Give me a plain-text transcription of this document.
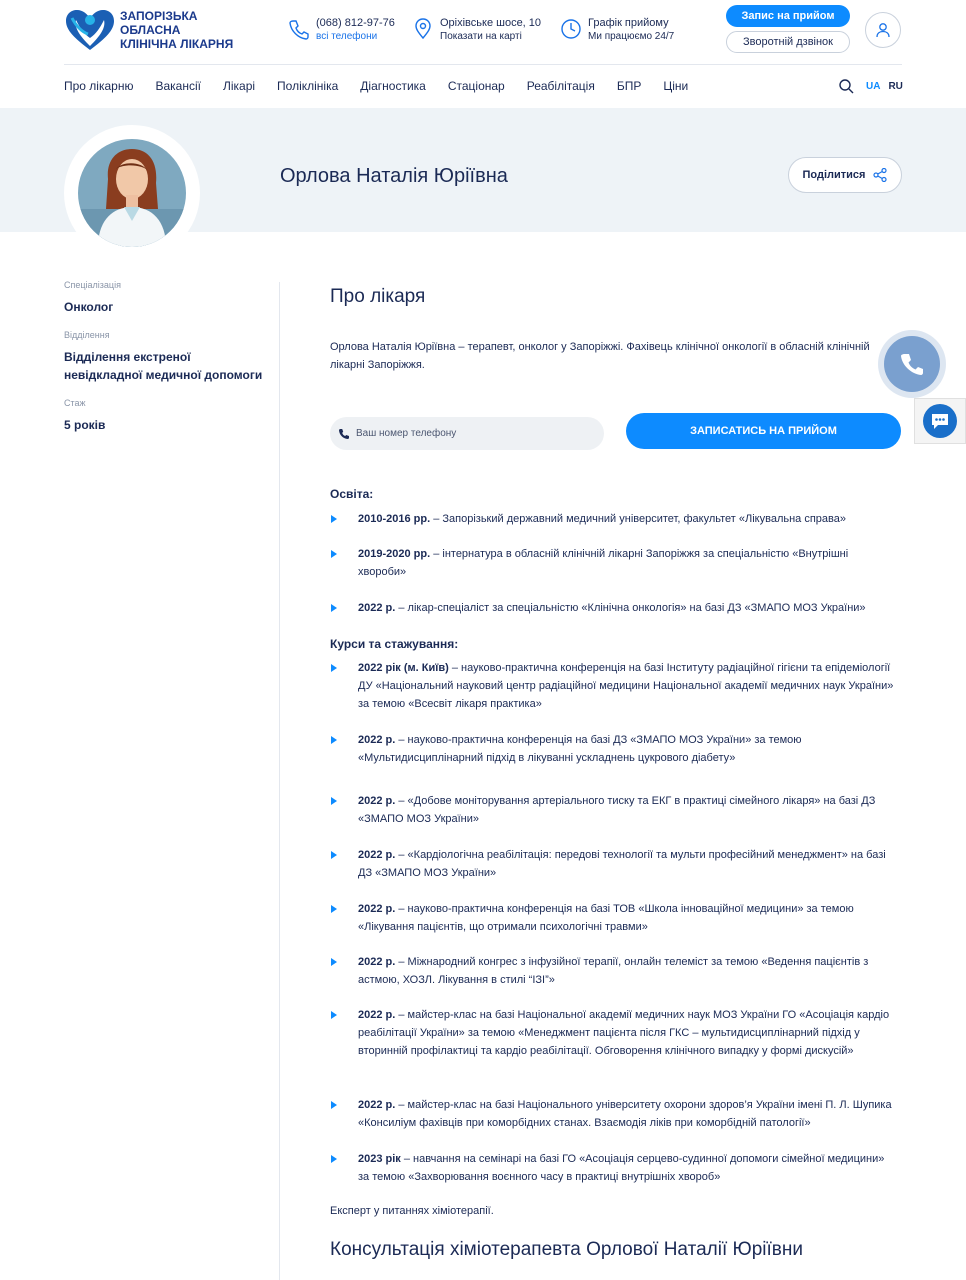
ЗАПОРІЗЬКА ОБЛАСНА
КЛІНІЧНА ЛІКАРНЯ
(068) 812-97-76
всі телефони
Оріхівське шосе, 10
Показати на карті
Графік прийому
Ми працюємо 24/7
Запис на прийом
Зворотній дзвінок
Про лікарню Вакансії Лікарі Поліклініка Діагностика Стаціонар Реабілітація БПР Ціни	UA RU
Орлова Наталія Юріївна	Поділитися
Спеціалізація
Онколог
Відділення
Відділення екстреної невідкладної медичної допомоги
Стаж
5 років
Про лікаря
Орлова Наталія Юріївна – терапевт, онколог у Запоріжжі. Фахівець клінічної онкології в обласній клінічній лікарні Запоріжжя.
Ваш номер телефону
ЗАПИСАТИСЬ НА ПРИЙОМ
Освіта:
2010-2016 рр. – Запорізький державний медичний університет, факультет «Лікувальна справа»
2019-2020 рр. – інтернатура в обласній клінічній лікарні Запоріжжя за спеціальністю «Внутрішні хвороби»
2022 р. – лікар-спеціаліст за спеціальністю «Клінічна онкологія» на базі ДЗ «ЗМАПО МОЗ України»
Курси та стажування:
2022 рік (м. Київ) – науково-практична конференція на базі Інституту радіаційної гігієни та епідеміології ДУ «Національний науковий центр радіаційної медицини Національної академії медичних наук України» за темою «Всесвіт лікаря практика»
2022 р. – науково-практична конференція на базі ДЗ «ЗМАПО МОЗ України» за темою «Мультидисциплінарний підхід в лікуванні ускладнень цукрового діабету»
2022 р. – «Добове моніторування артеріального тиску та ЕКГ в практиці сімейного лікаря» на базі ДЗ «ЗМАПО МОЗ України»
2022 р. – «Кардіологічна реабілітація: передові технології та мульти професійний менеджмент» на базі ДЗ «ЗМАПО МОЗ України»
2022 р. – науково-практична конференція на базі ТОВ «Школа інноваційної медицини» за темою «Лікування пацієнтів, що отримали психологічні травми»
2022 р. – Міжнародний конгрес з інфузійної терапії, онлайн телеміст за темою «Ведення пацієнтів з астмою, ХОЗЛ. Лікування в стилі “ІЗІ”»
2022 р. – майстер-клас на базі Національної академії медичних наук МОЗ України ГО «Асоціація кардіо реабілітації України» за темою «Менеджмент пацієнта після ГКС – мультидисциплінарний підхід у вторинній профілактиці та кардіо реабілітації. Обговорення клінічного випадку у формі дискусій»
2022 р. – майстер-клас на базі Національного університету охорони здоров’я України імені П. Л. Шупика «Консиліум фахівців при коморбідних станах. Взаємодія ліків при коморбідній патології»
2023 рік – навчання на семінарі на базі ГО «Асоціація серцево-судинної допомоги сімейної медицини» за темою «Захворювання воєнного часу в практиці внутрішніх хвороб»
Експерт у питаннях хіміотерапії.
Консультація хіміотерапевта Орлової Наталії Юріївни
